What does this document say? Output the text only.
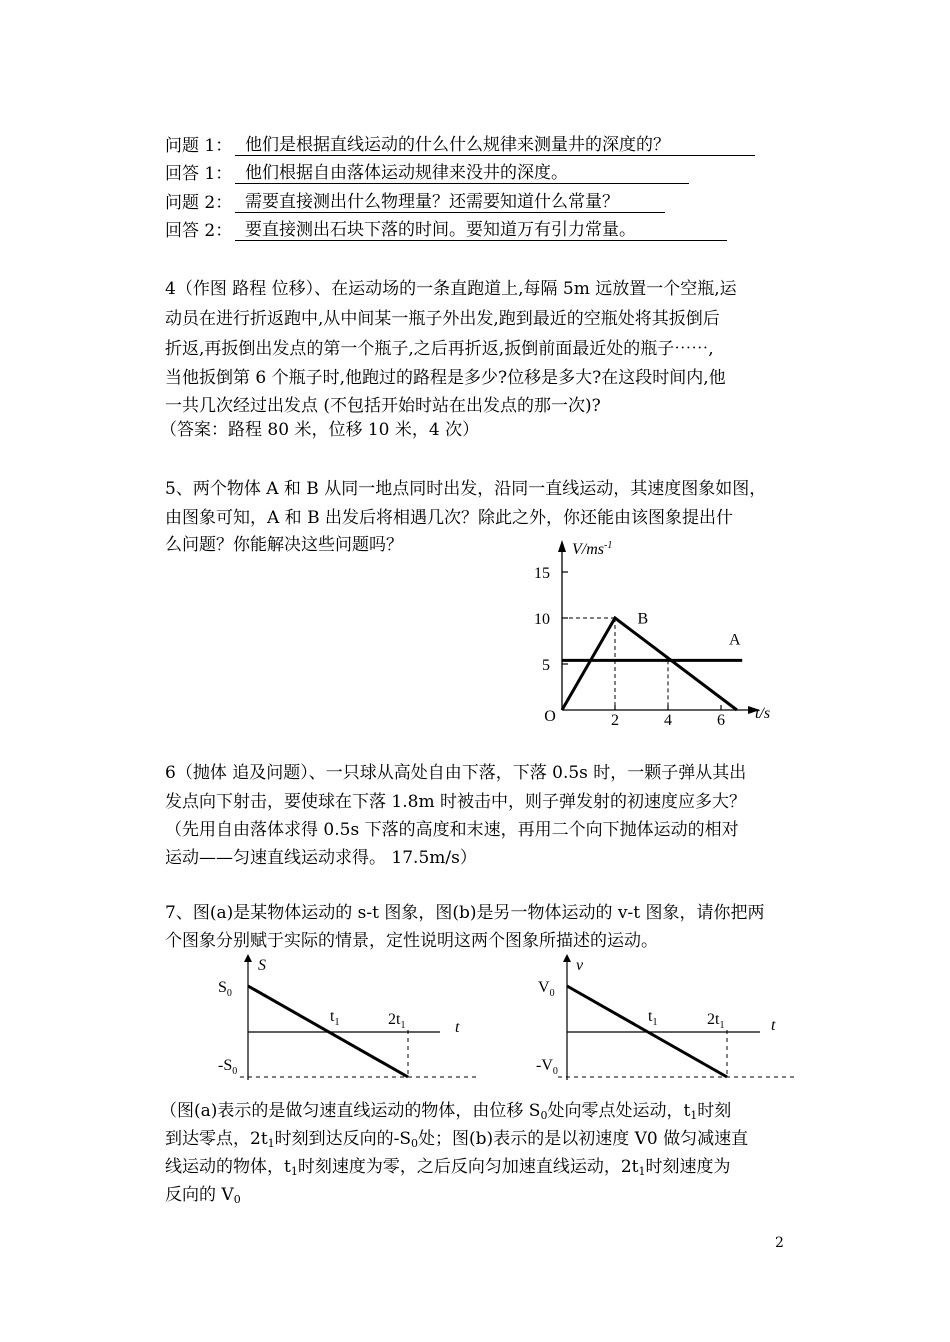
问题 1： 他们是根据直线运动的什么什么规律来测量井的深度的？
回答 1： 他们根据自由落体运动规律来没井的深度。
问题 2： 需要直接测出什么物理量？还需要知道什么常量？
回答 2： 要直接测出石块下落的时间。要知道万有引力常量。
4（作图 路程 位移）、在运动场的一条直跑道上,每隔 5m 远放置一个空瓶,运
动员在进行折返跑中,从中间某一瓶子外出发,跑到最近的空瓶处将其扳倒后
折返,再扳倒出发点的第一个瓶子,之后再折返,扳倒前面最近处的瓶子⋯⋯,
当他扳倒第 6 个瓶子时,他跑过的路程是多少?位移是多大?在这段时间内,他
一共几次经过出发点 (不包括开始时站在出发点的那一次)?
（答案：路程 80 米，位移 10 米，4 次）
5、两个物体 A 和 B 从同一地点同时出发，沿同一直线运动，其速度图象如图，
由图象可知，A 和 B 出发后将相遇几次？除此之外，你还能由该图象提出什
么问题？你能解决这些问题吗？
5
10
15
2	4	6
O
B
A
$V/ms^{-1}$
t/s
6（抛体 追及问题）、一只球从高处自由下落，下落 0.5s 时，一颗子弹从其出
发点向下射击，要使球在下落 1.8m 时被击中，则子弹发射的初速度应多大？
（先用自由落体求得 0.5s 下落的高度和末速，再用二个向下抛体运动的相对
运动——匀速直线运动求得。 17.5m/s）
7、图(a)是某物体运动的 s-t 图象，图(b)是另一物体运动的 v-t 图象，请你把两
个图象分别赋于实际的情景，定性说明这两个图象所描述的运动。
S
$S_0$
$-S_0$
$t_1$	$2t_1$	t
v
$V_0$
$-V_0$
$t_1$	$2t_1$	t
（图(a)表示的是做匀速直线运动的物体，由位移 $S_0$处向零点处运动，$t_1$时刻
到达零点，$2t_1$时刻到达反向的$-S_0$处；图(b)表示的是以初速度 V0 做匀减速直
线运动的物体，$t_1$时刻速度为零，之后反向匀加速直线运动，$2t_1$时刻速度为
反向的 $V_0$
2
